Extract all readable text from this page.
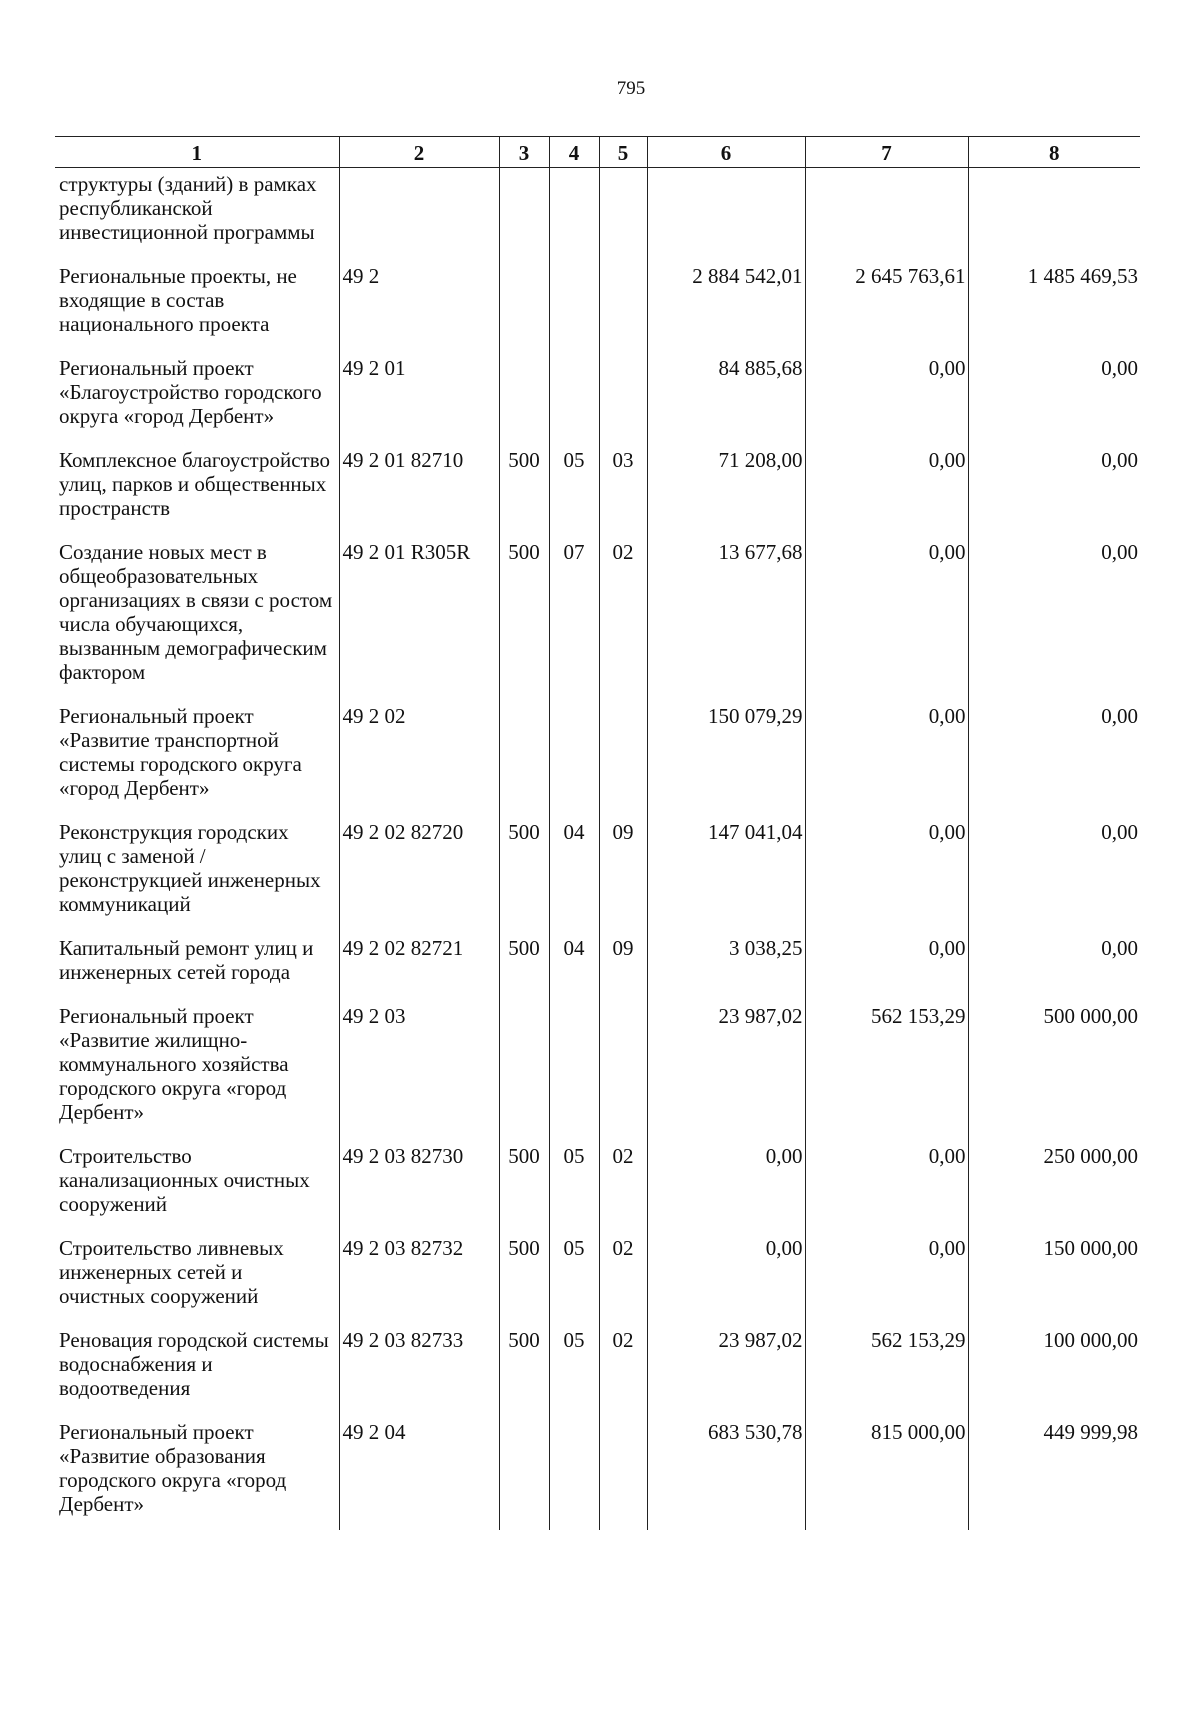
795
1	2	3	4	5	6	7	8
структуры (зданий) в рамках республиканской инвестиционной программы							
Региональные проекты, не входящие в состав национального проекта	49 2				2 884 542,01	2 645 763,61	1 485 469,53
Региональный проект «Благоустройство городского округа «город Дербент»	49 2 01				84 885,68	0,00	0,00
Комплексное благоустройство улиц, парков и общественных пространств	49 2 01 82710	500	05	03	71 208,00	0,00	0,00
Создание новых мест в общеобразовательных организациях в связи с ростом числа обучающихся, вызванным демографическим фактором	49 2 01 R305R	500	07	02	13 677,68	0,00	0,00
Региональный проект «Развитие транспортной системы городского округа «город Дербент»	49 2 02				150 079,29	0,00	0,00
Реконструкция городских улиц с заменой / реконструкцией инженерных коммуникаций	49 2 02 82720	500	04	09	147 041,04	0,00	0,00
Капитальный ремонт улиц и инженерных сетей города	49 2 02 82721	500	04	09	3 038,25	0,00	0,00
Региональный проект «Развитие жилищно-коммунального хозяйства городского округа «город Дербент»	49 2 03				23 987,02	562 153,29	500 000,00
Строительство канализационных очистных сооружений	49 2 03 82730	500	05	02	0,00	0,00	250 000,00
Строительство ливневых инженерных сетей и очистных сооружений	49 2 03 82732	500	05	02	0,00	0,00	150 000,00
Реновация городской системы водоснабжения и водоотведения	49 2 03 82733	500	05	02	23 987,02	562 153,29	100 000,00
Региональный проект «Развитие образования городского округа «город Дербент»	49 2 04				683 530,78	815 000,00	449 999,98
